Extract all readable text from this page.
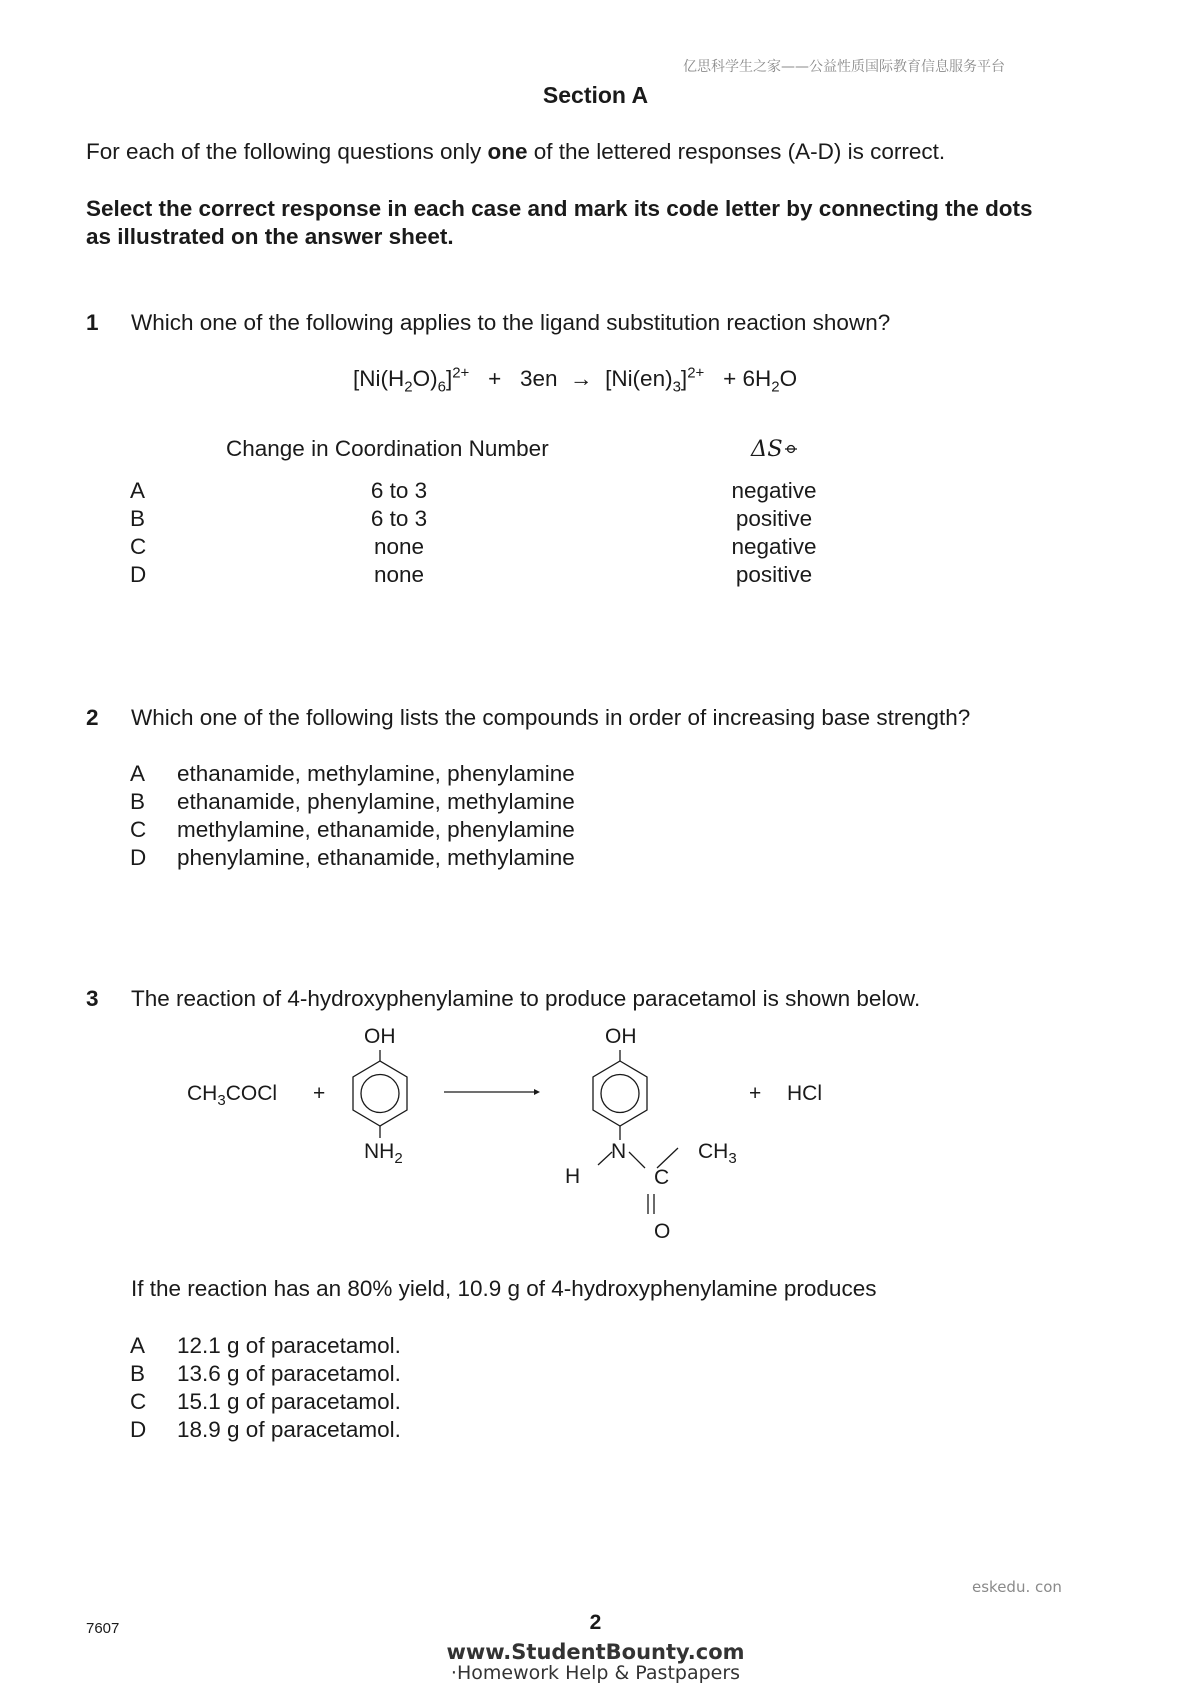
亿思科学生之家——公益性质国际教育信息服务平台
Section A
For each of the following questions only one of the lettered responses (A-D) is correct.
Select the correct response in each case and mark its code letter by connecting the dots
as illustrated on the answer sheet.
1 Which one of the following applies to the ligand substitution reaction shown?
$[Ni(H_2O)_6]^{2+} + 3en \to [Ni(en)_3]^{2+} + 6H_2O$
Change in Coordination Number	ΔS
A	6 to 3	negative
B	6 to 3	positive
C	none	negative
D	none	positive
2 Which one of the following lists the compounds in order of increasing base strength?
A ethanamide, methylamine, phenylamine
B ethanamide, phenylamine, methylamine
C methylamine, ethanamide, phenylamine
D phenylamine, ethanamide, methylamine
3 The reaction of 4-hydroxyphenylamine to produce paracetamol is shown below.
$CH_3COCl$ +
OH
$NH_2$
OH
N
H	C
$CH_3$
O
+ HCl
If the reaction has an 80% yield, 10.9 g of 4-hydroxyphenylamine produces
A 12.1 g of paracetamol.
B 13.6 g of paracetamol.
C 15.1 g of paracetamol.
D 18.9 g of paracetamol.
eskedu. con
7607	2
www.StudentBounty.com
·Homework Help & Pastpapers
